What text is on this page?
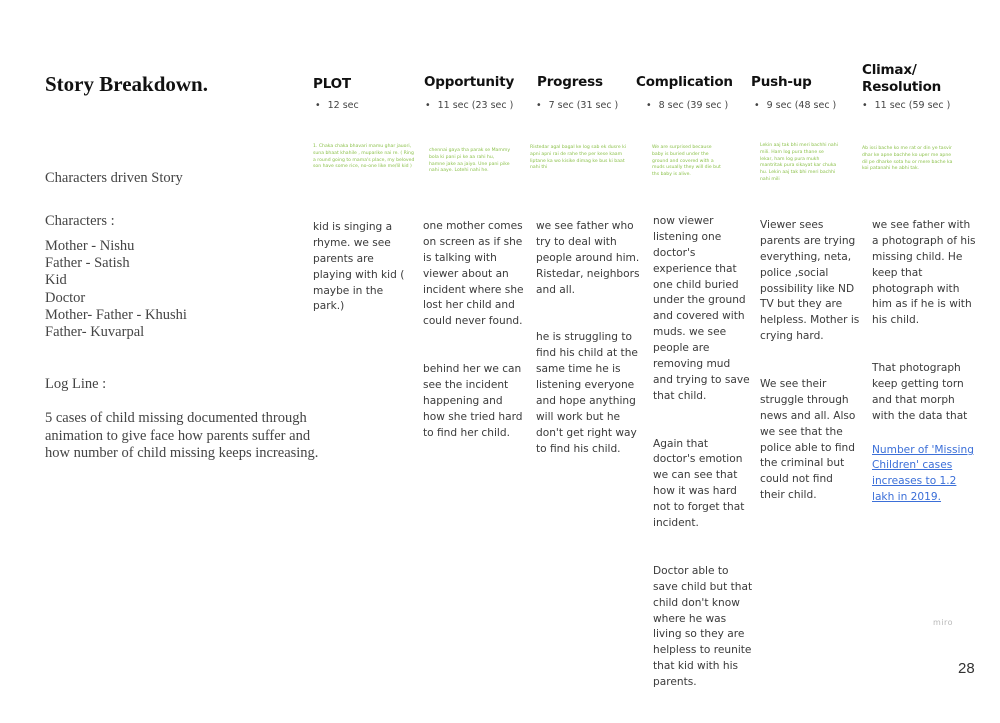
Story Breakdown.
Characters driven Story
Characters :
Mother - Nishu
Father - Satish
Kid
Doctor
Mother- Father - Khushi
Father- Kuvarpal
Log Line :
5 cases of child missing documented through animation to give face how parents suffer and how number of child missing keeps increasing.
PLOT
• 12 sec
1. Chaka chaka bhavari mamu ghar jauori, suna bhaat khahile , muparike nai re. ( Ring a round going to mama's place, my beloved son have some rice, no-one like me/lil kid )

kid is singing a rhyme. we see parents are playing with kid ( maybe in the park.)

Opportunity
• 11 sec (23 sec )
chennai gaya tha parak se Mammy bola ki pani pi ke aa rahi hu, hamne jake aa jaiyo. Une pani pike nahi aaye. Lotehi nahi he.

one mother comes on screen as if she is talking with viewer about an incident where she lost her child and could never found.

behind her we can see the incident happening and how she tried hard to find her child.

Progress
• 7 sec (31 sec )
Ristedar agal bagal ke log sab ek dusre ki apni apni rai de rahe the per kese kaam liptane ka wo kisike dimag ke bus ki baat nahi thi

we see father who try to deal with people around him. Ristedar, neighbors and all.

he is struggling to find his child at the same time he is listening everyone and hope anything will work but he don't get right way to find his child.

Complication
• 8 sec (39 sec )
We are surprised because baby is buried under the ground and covered with a muds usually they will die but ths baby is alive.

now viewer listening one doctor's experience that one child buried under the ground and covered with muds. we see people are removing mud and trying to save that child.

Again that doctor's emotion we can see that how it was hard not to forget that incident.

Doctor able to save child but that child don't know where he was living so they are helpless to reunite that kid with his parents.

Push-up
• 9 sec (48 sec )
Lekin aaj tak bhi meri bachhi nahi mili. Ham log pura thane se lekar, ham log pura mukh mantritak pura sikayat kar chuka hu. Lekin aaj tak bhi meri bachhi nahi mili

Viewer sees parents are trying everything, neta, police ,social possibility like ND TV but they are helpless. Mother is crying hard.

We see their struggle through news and all. Also we see that the police able to find the criminal but could not find their child.

Climax/ Resolution
• 11 sec (59 sec )
Ab issi bache ko me rat or din ye tasvir dhar ke apne bachhe ko uper me apne dil pe dharke sota hu or mere bache ka koi patanahi he abhi tak.

we see father with a photograph of his missing child. He keep that photograph with him as if he is with his child.

That photograph keep getting torn and that morph with the data that

Number of 'Missing Children' cases increases to 1.2 lakh in 2019.

miro
28
